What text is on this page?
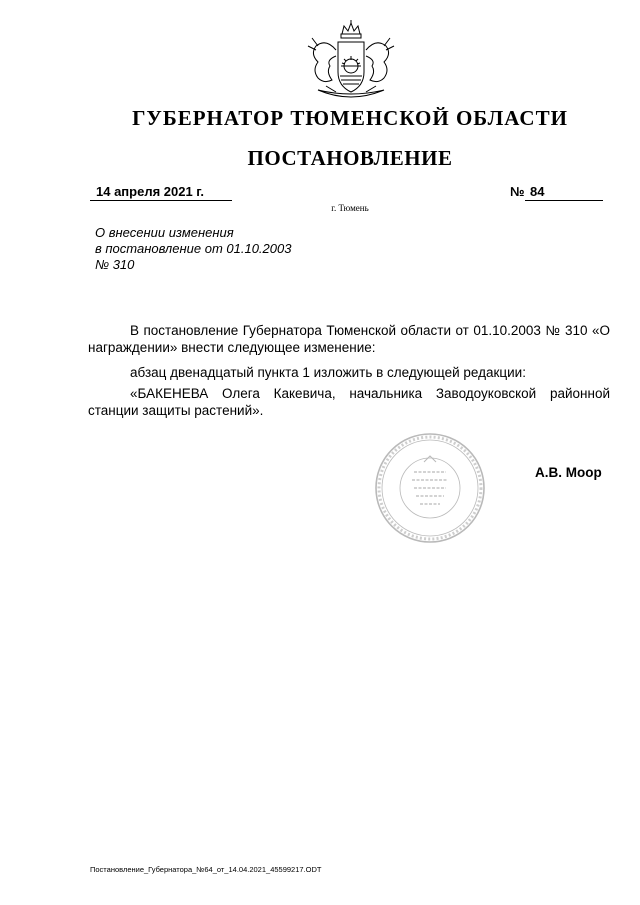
ГУБЕРНАТОР ТЮМЕНСКОЙ ОБЛАСТИ
ПОСТАНОВЛЕНИЕ
14 апреля 2021 г.	№ 84
г. Тюмень
О внесении изменения
в постановление от 01.10.2003
№ 310
В постановление Губернатора Тюменской области от 01.10.2003 № 310 «О награждении» внести следующее изменение:
абзац двенадцатый пункта 1 изложить в следующей редакции:
«БАКЕНЕВА Олега Какевича, начальника Заводоуковской районной станции защиты растений».
А.В. Моор
Постановление_Губернатора_№64_от_14.04.2021_45599217.ODT
